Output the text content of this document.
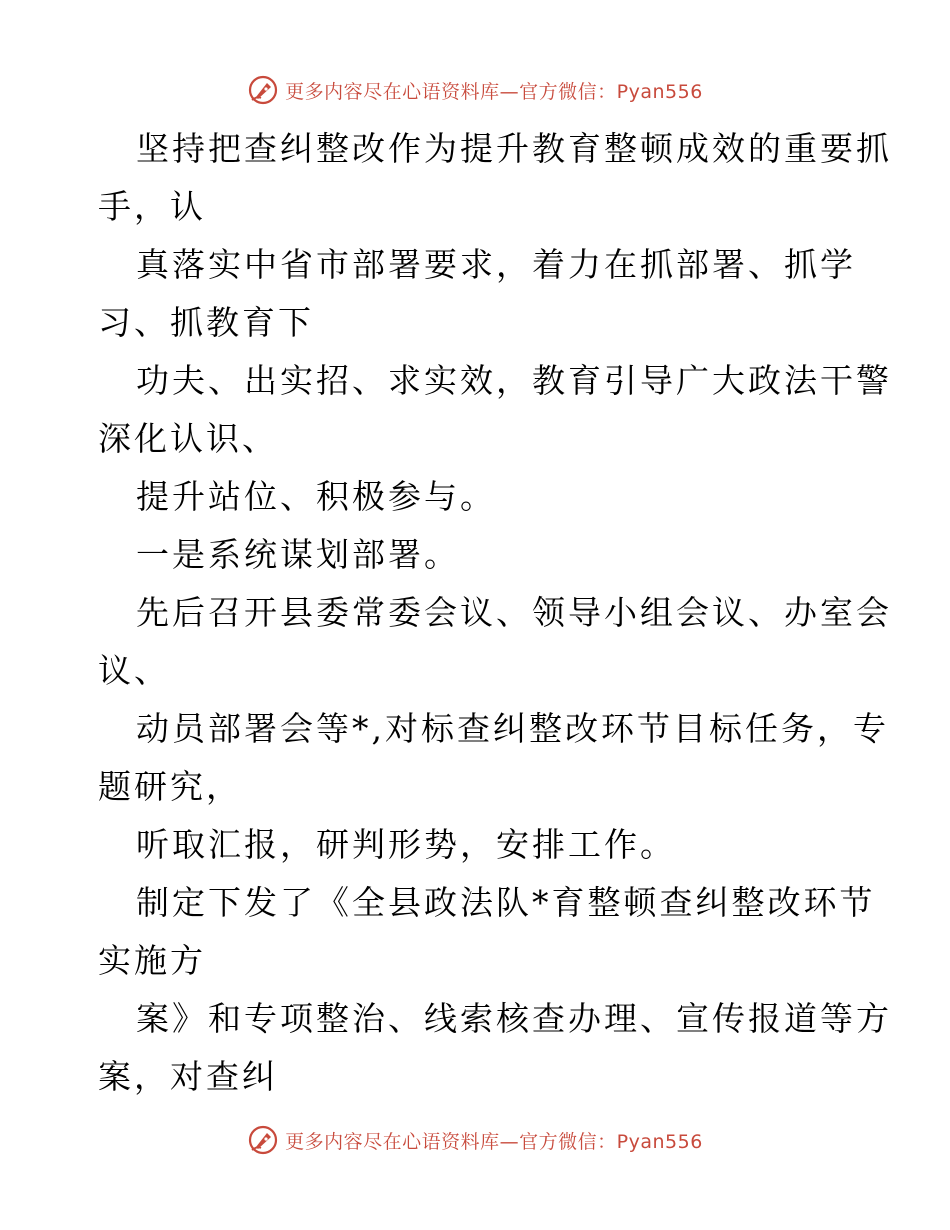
更多内容尽在心语资料库—官方微信：Pyan556
坚持把查纠整改作为提升教育整顿成效的重要抓
手，认
真落实中省市部署要求，着力在抓部署、抓学
习、抓教育下
功夫、出实招、求实效，教育引导广大政法干警
深化认识、
提升站位、积极参与。
一是系统谋划部署。
先后召开县委常委会议、领导小组会议、办室会
议、
动员部署会等*,对标查纠整改环节目标任务，专
题研究，
听取汇报，研判形势，安排工作。
制定下发了《全县政法队*育整顿查纠整改环节
实施方
案》和专项整治、线索核查办理、宣传报道等方
案，对查纠
更多内容尽在心语资料库—官方微信：Pyan556
